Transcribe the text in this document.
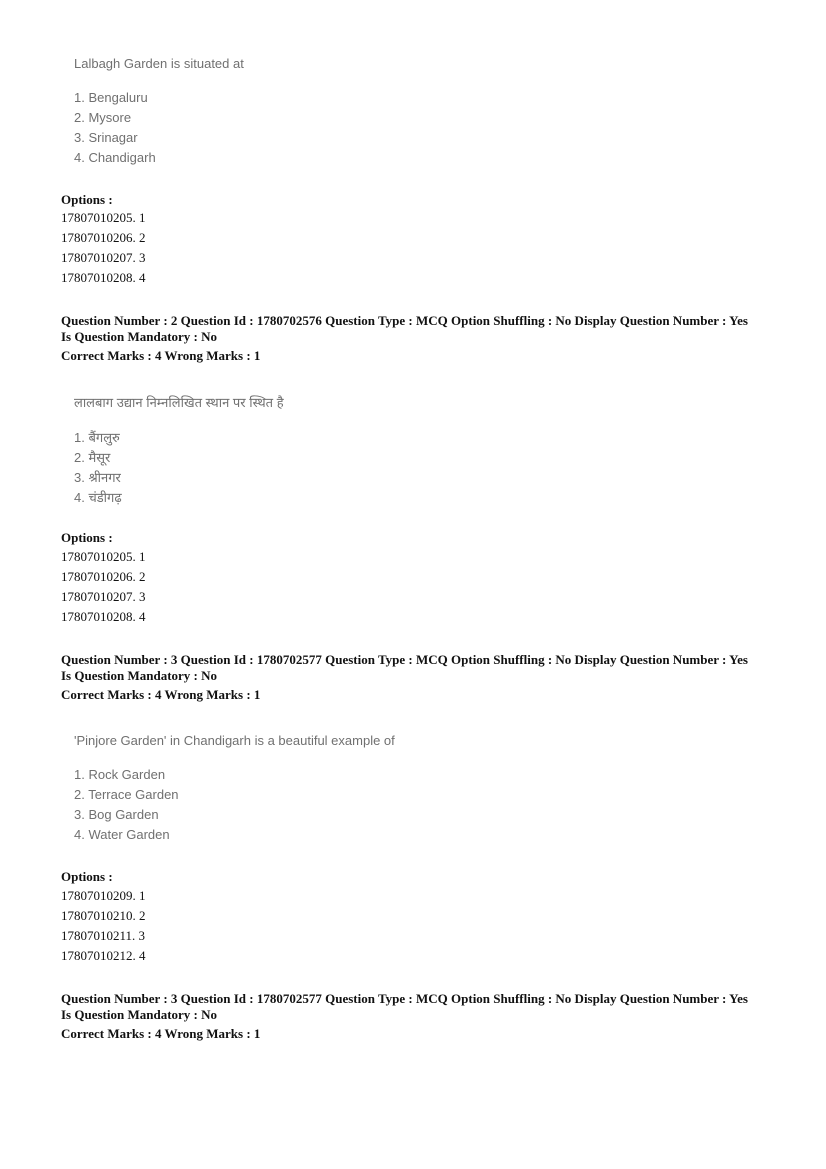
Lalbagh Garden is situated at
1. Bengaluru
2. Mysore
3. Srinagar
4. Chandigarh
Options :
17807010205. 1
17807010206. 2
17807010207. 3
17807010208. 4
Question Number : 2 Question Id : 1780702576 Question Type : MCQ Option Shuffling : No Display Question Number : Yes
Is Question Mandatory : No
Correct Marks : 4 Wrong Marks : 1
लालबाग उद्यान निम्नलिखित स्थान पर स्थित है
1. बैंगलुरु
2. मैसूर
3. श्रीनगर
4. चंडीगढ़
Options :
17807010205. 1
17807010206. 2
17807010207. 3
17807010208. 4
Question Number : 3 Question Id : 1780702577 Question Type : MCQ Option Shuffling : No Display Question Number : Yes
Is Question Mandatory : No
Correct Marks : 4 Wrong Marks : 1
'Pinjore Garden' in Chandigarh is a beautiful example of
1. Rock Garden
2. Terrace Garden
3. Bog Garden
4. Water Garden
Options :
17807010209. 1
17807010210. 2
17807010211. 3
17807010212. 4
Question Number : 3 Question Id : 1780702577 Question Type : MCQ Option Shuffling : No Display Question Number : Yes
Is Question Mandatory : No
Correct Marks : 4 Wrong Marks : 1
